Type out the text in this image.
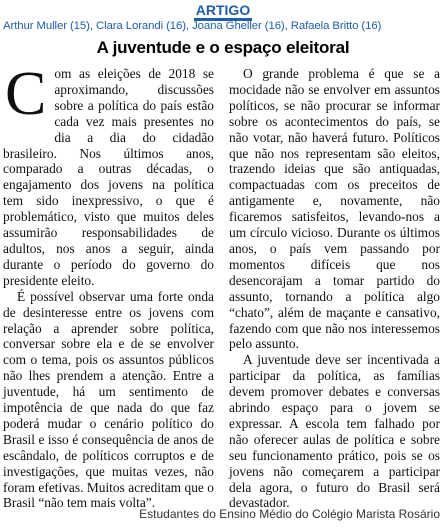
ARTIGO
Arthur Muller (15), Clara Lorandi (16), Joana Gheller (16), Rafaela Britto (16)
A juventude e o espaço eleitoral

Com as eleições de 2018 se aproximando, discussões sobre a política do país estão cada vez mais presentes no dia a dia do cidadão brasileiro. Nos últimos anos, comparado a outras décadas, o engajamento dos jovens na política tem sido inexpressivo, o que é problemático, visto que muitos deles assumirão responsabilidades de adultos, nos anos a seguir, ainda durante o período do governo do presidente eleito.

É possível observar uma forte onda de desinteresse entre os jovens com relação a aprender sobre política, conversar sobre ela e de se envolver com o tema, pois os assuntos públicos não lhes prendem a atenção. Entre a juventude, há um sentimento de impotência de que nada do que faz poderá mudar o cenário político do Brasil e isso é consequência de anos de escândalo, de políticos corruptos e de investigações, que muitas vezes, não foram efetivas. Muitos acreditam que o Brasil “não tem mais volta”.

O grande problema é que se a mocidade não se envolver em assuntos políticos, se não procurar se informar sobre os acontecimentos do país, se não votar, não haverá futuro. Políticos que não nos representam são eleitos, trazendo ideias que são antiquadas, compactuadas com os preceitos de antigamente e, novamente, não ficaremos satisfeitos, levando-nos a um círculo vicioso. Durante os últimos anos, o país vem passando por momentos difíceis que nos desencorajam a tomar partido do assunto, tornando a política algo “chato”, além de maçante e cansativo, fazendo com que não nos interessemos pelo assunto.

A juventude deve ser incentivada a participar da política, as famílias devem promover debates e conversas abrindo espaço para o jovem se expressar. A escola tem falhado por não oferecer aulas de política e sobre seu funcionamento prático, pois se os jovens não começarem a participar dela agora, o futuro do Brasil será devastador.

Estudantes do Ensino Médio do Colégio Marista Rosário
